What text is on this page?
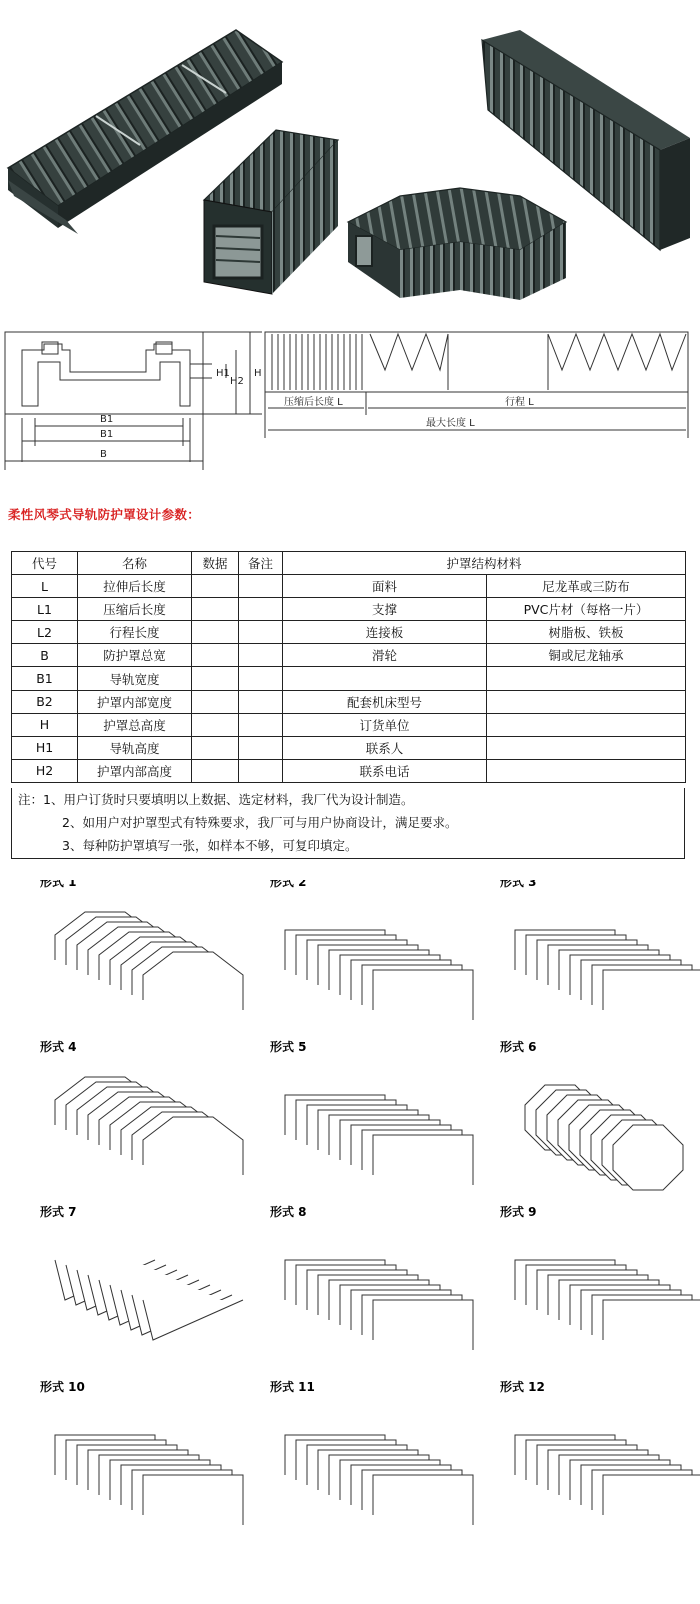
H1
H2
H
B1
B1
B
压缩后长度 L	行程 L
最大长度 L
柔性风琴式导轨防护罩设计参数：
代号	名称	数据	备注	护罩结构材料	
L	拉伸后长度			面料	尼龙革或三防布
L1	压缩后长度			支撑	PVC片材（每格一片）
L2	行程长度			连接板	树脂板、铁板
B	防护罩总宽			滑轮	铜或尼龙轴承
B1	导轨宽度				
B2	护罩内部宽度			配套机床型号	
H	护罩总高度			订货单位	
H1	导轨高度			联系人	
H2	护罩内部高度			联系电话	
注：1、用户订货时只要填明以上数据、选定材料，我厂代为设计制造。
2、如用户对护罩型式有特殊要求，我厂可与用户协商设计，满足要求。
3、每种防护罩填写一张，如样本不够，可复印填定。
形式 1	形式 2	形式 3
形式 4	形式 5	形式 6
形式 7	形式 8	形式 9
形式 10	形式 11	形式 12
